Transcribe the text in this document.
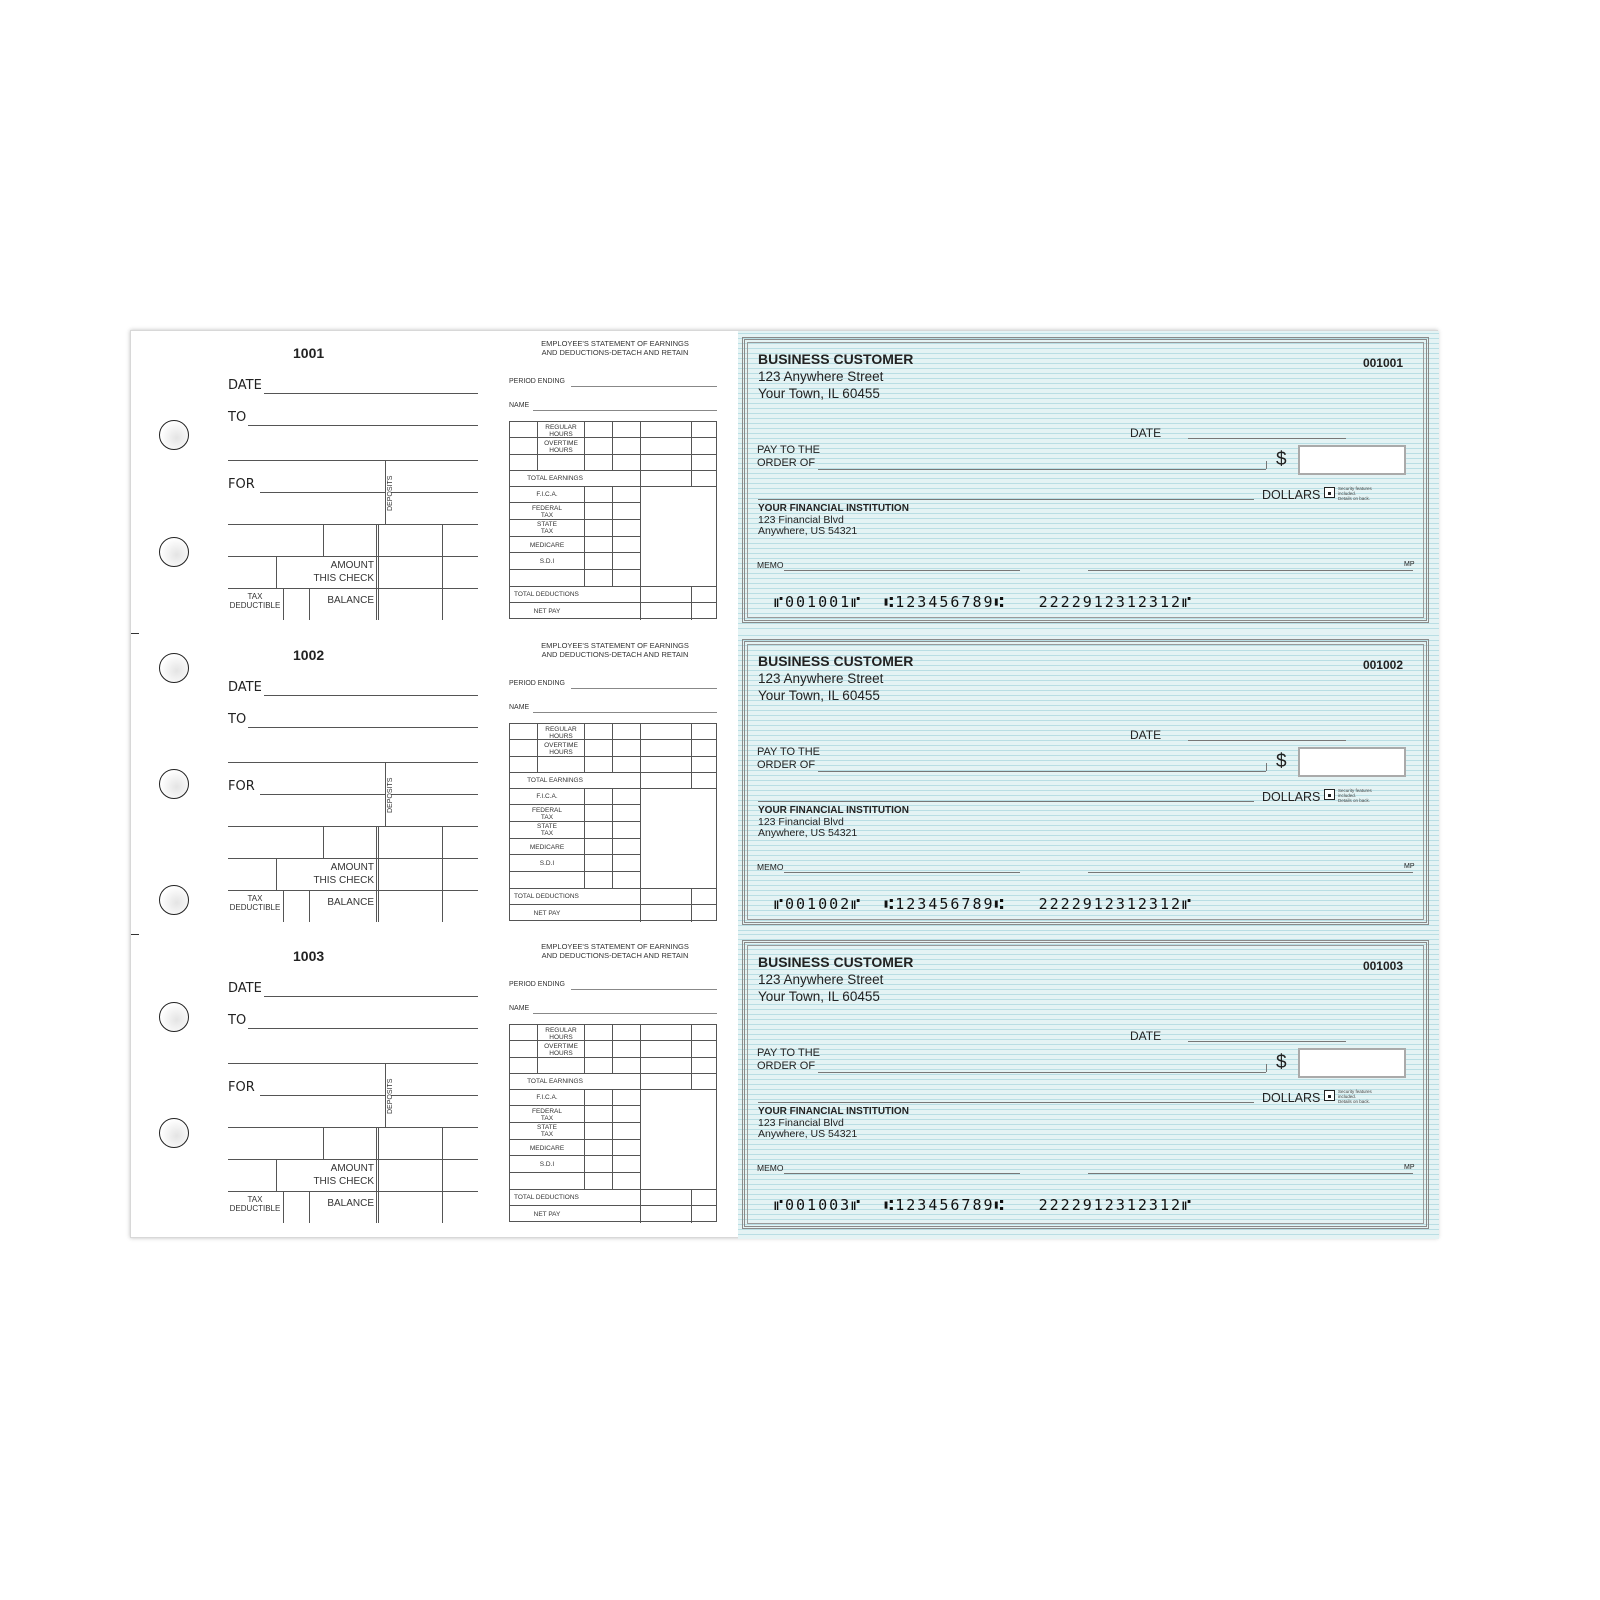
1001
DATE
TO
FOR	DEPOSITS
AMOUNT
THIS CHECK
TAX
DEDUCTIBLE	BALANCE
EMPLOYEE'S STATEMENT OF EARNINGS
AND DEDUCTIONS-DETACH AND RETAIN
PERIOD ENDING
NAME
REGULAR
HOURS
OVERTIME
HOURS
TOTAL EARNINGS
F.I.C.A.
FEDERAL
TAX
STATE
TAX
MEDICARE
S.D.I
TOTAL DEDUCTIONS
NET PAY
BUSINESS CUSTOMER
123 Anywhere Street
Your Town, IL 60455
001001
DATE
PAY TO THE
ORDER OF	$
DOLLARS	Security features
included.
Details on back.
YOUR FINANCIAL INSTITUTION
123 Financial Blvd
Anywhere, US 54321
MEMO	MP
⑈001001⑈ ⑆123456789⑆ 2222912312312⑈
1002
DATE
TO
FOR	DEPOSITS
AMOUNT
THIS CHECK
TAX
DEDUCTIBLE	BALANCE
EMPLOYEE'S STATEMENT OF EARNINGS
AND DEDUCTIONS-DETACH AND RETAIN
PERIOD ENDING
NAME
REGULAR
HOURS
OVERTIME
HOURS
TOTAL EARNINGS
F.I.C.A.
FEDERAL
TAX
STATE
TAX
MEDICARE
S.D.I
TOTAL DEDUCTIONS
NET PAY
BUSINESS CUSTOMER
123 Anywhere Street
Your Town, IL 60455
001002
DATE
PAY TO THE
ORDER OF	$
DOLLARS	Security features
included.
Details on back.
YOUR FINANCIAL INSTITUTION
123 Financial Blvd
Anywhere, US 54321
MEMO	MP
⑈001002⑈ ⑆123456789⑆ 2222912312312⑈
1003
DATE
TO
FOR	DEPOSITS
AMOUNT
THIS CHECK
TAX
DEDUCTIBLE	BALANCE
EMPLOYEE'S STATEMENT OF EARNINGS
AND DEDUCTIONS-DETACH AND RETAIN
PERIOD ENDING
NAME
REGULAR
HOURS
OVERTIME
HOURS
TOTAL EARNINGS
F.I.C.A.
FEDERAL
TAX
STATE
TAX
MEDICARE
S.D.I
TOTAL DEDUCTIONS
NET PAY
BUSINESS CUSTOMER
123 Anywhere Street
Your Town, IL 60455
001003
DATE
PAY TO THE
ORDER OF	$
DOLLARS	Security features
included.
Details on back.
YOUR FINANCIAL INSTITUTION
123 Financial Blvd
Anywhere, US 54321
MEMO	MP
⑈001003⑈ ⑆123456789⑆ 2222912312312⑈
